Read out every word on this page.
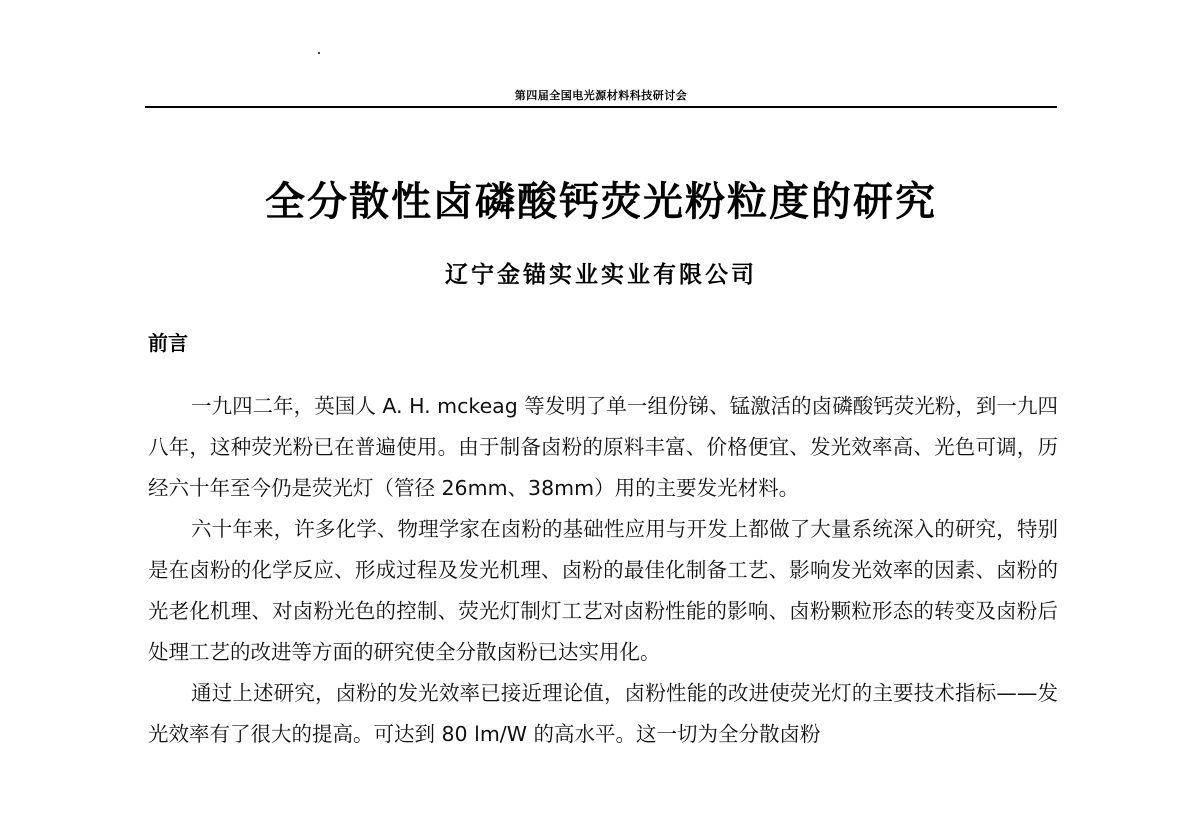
第四届全国电光源材料科技研讨会
全分散性卤磷酸钙荧光粉粒度的研究
辽宁金锚实业实业有限公司
前言

一九四二年，英国人 A. H. mckeag 等发明了单一组份锑、锰激活的卤磷酸钙荧光粉，到一九四八年，这种荧光粉已在普遍使用。由于制备卤粉的原料丰富、价格便宜、发光效率高、光色可调，历经六十年至今仍是荧光灯（管径 26mm、38mm）用的主要发光材料。

六十年来，许多化学、物理学家在卤粉的基础性应用与开发上都做了大量系统深入的研究，特别是在卤粉的化学反应、形成过程及发光机理、卤粉的最佳化制备工艺、影响发光效率的因素、卤粉的光老化机理、对卤粉光色的控制、荧光灯制灯工艺对卤粉性能的影响、卤粉颗粒形态的转变及卤粉后处理工艺的改进等方面的研究使全分散卤粉已达实用化。

通过上述研究，卤粉的发光效率已接近理论值，卤粉性能的改进使荧光灯的主要技术指标——发光效率有了很大的提高。可达到 80 lm/W 的高水平。这一切为全分散卤粉
